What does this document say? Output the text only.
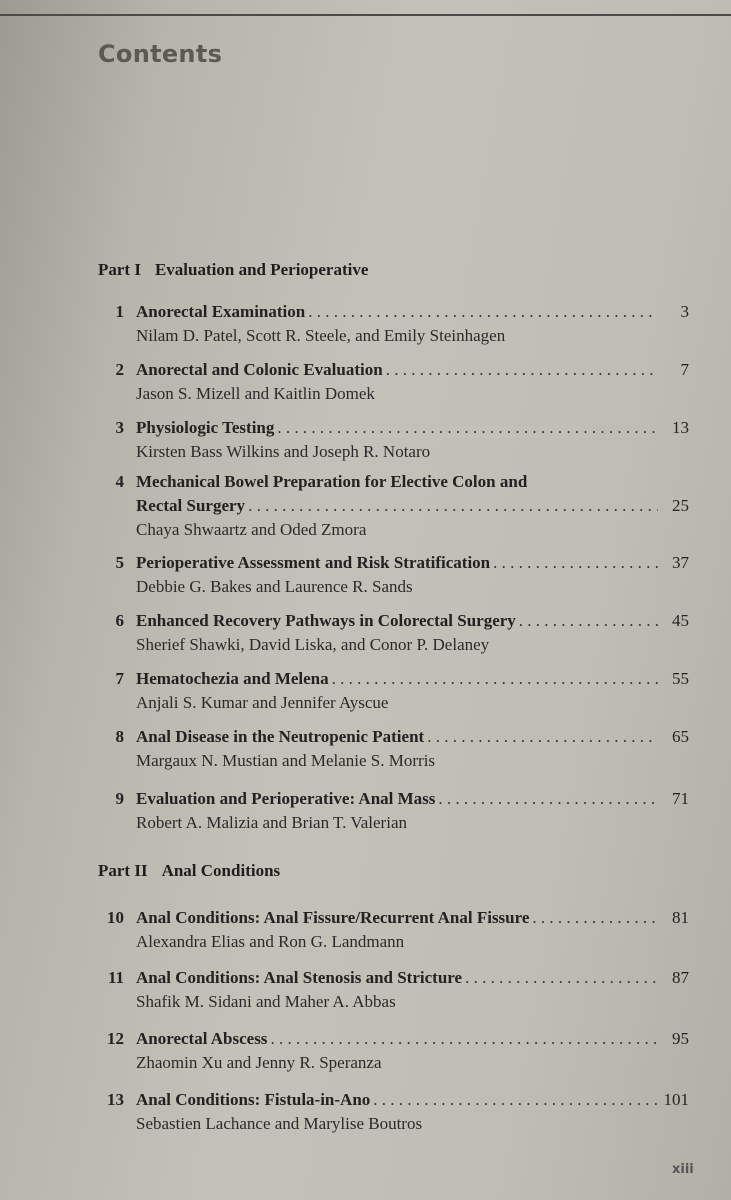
Contents
Part I Evaluation and Perioperative
1 Anorectal Examination . . .	3
Nilam D. Patel, Scott R. Steele, and Emily Steinhagen
2 Anorectal and Colonic Evaluation . . .	7
Jason S. Mizell and Kaitlin Domek
3 Physiologic Testing . . .	13
Kirsten Bass Wilkins and Joseph R. Notaro
4 Mechanical Bowel Preparation for Elective Colon and
Rectal Surgery . . .	25
Chaya Shwaartz and Oded Zmora
5 Perioperative Assessment and Risk Stratification . . .	37
Debbie G. Bakes and Laurence R. Sands
6 Enhanced Recovery Pathways in Colorectal Surgery . . .	45
Sherief Shawki, David Liska, and Conor P. Delaney
7 Hematochezia and Melena . . .	55
Anjali S. Kumar and Jennifer Ayscue
8 Anal Disease in the Neutropenic Patient . . .	65
Margaux N. Mustian and Melanie S. Morris
9 Evaluation and Perioperative: Anal Mass . . .	71
Robert A. Malizia and Brian T. Valerian
Part II Anal Conditions
10 Anal Conditions: Anal Fissure/Recurrent Anal Fissure . . .	81
Alexandra Elias and Ron G. Landmann
11 Anal Conditions: Anal Stenosis and Stricture . . .	87
Shafik M. Sidani and Maher A. Abbas
12 Anorectal Abscess . . .	95
Zhaomin Xu and Jenny R. Speranza
13 Anal Conditions: Fistula-in-Ano . . .	101
Sebastien Lachance and Marylise Boutros
xiii
